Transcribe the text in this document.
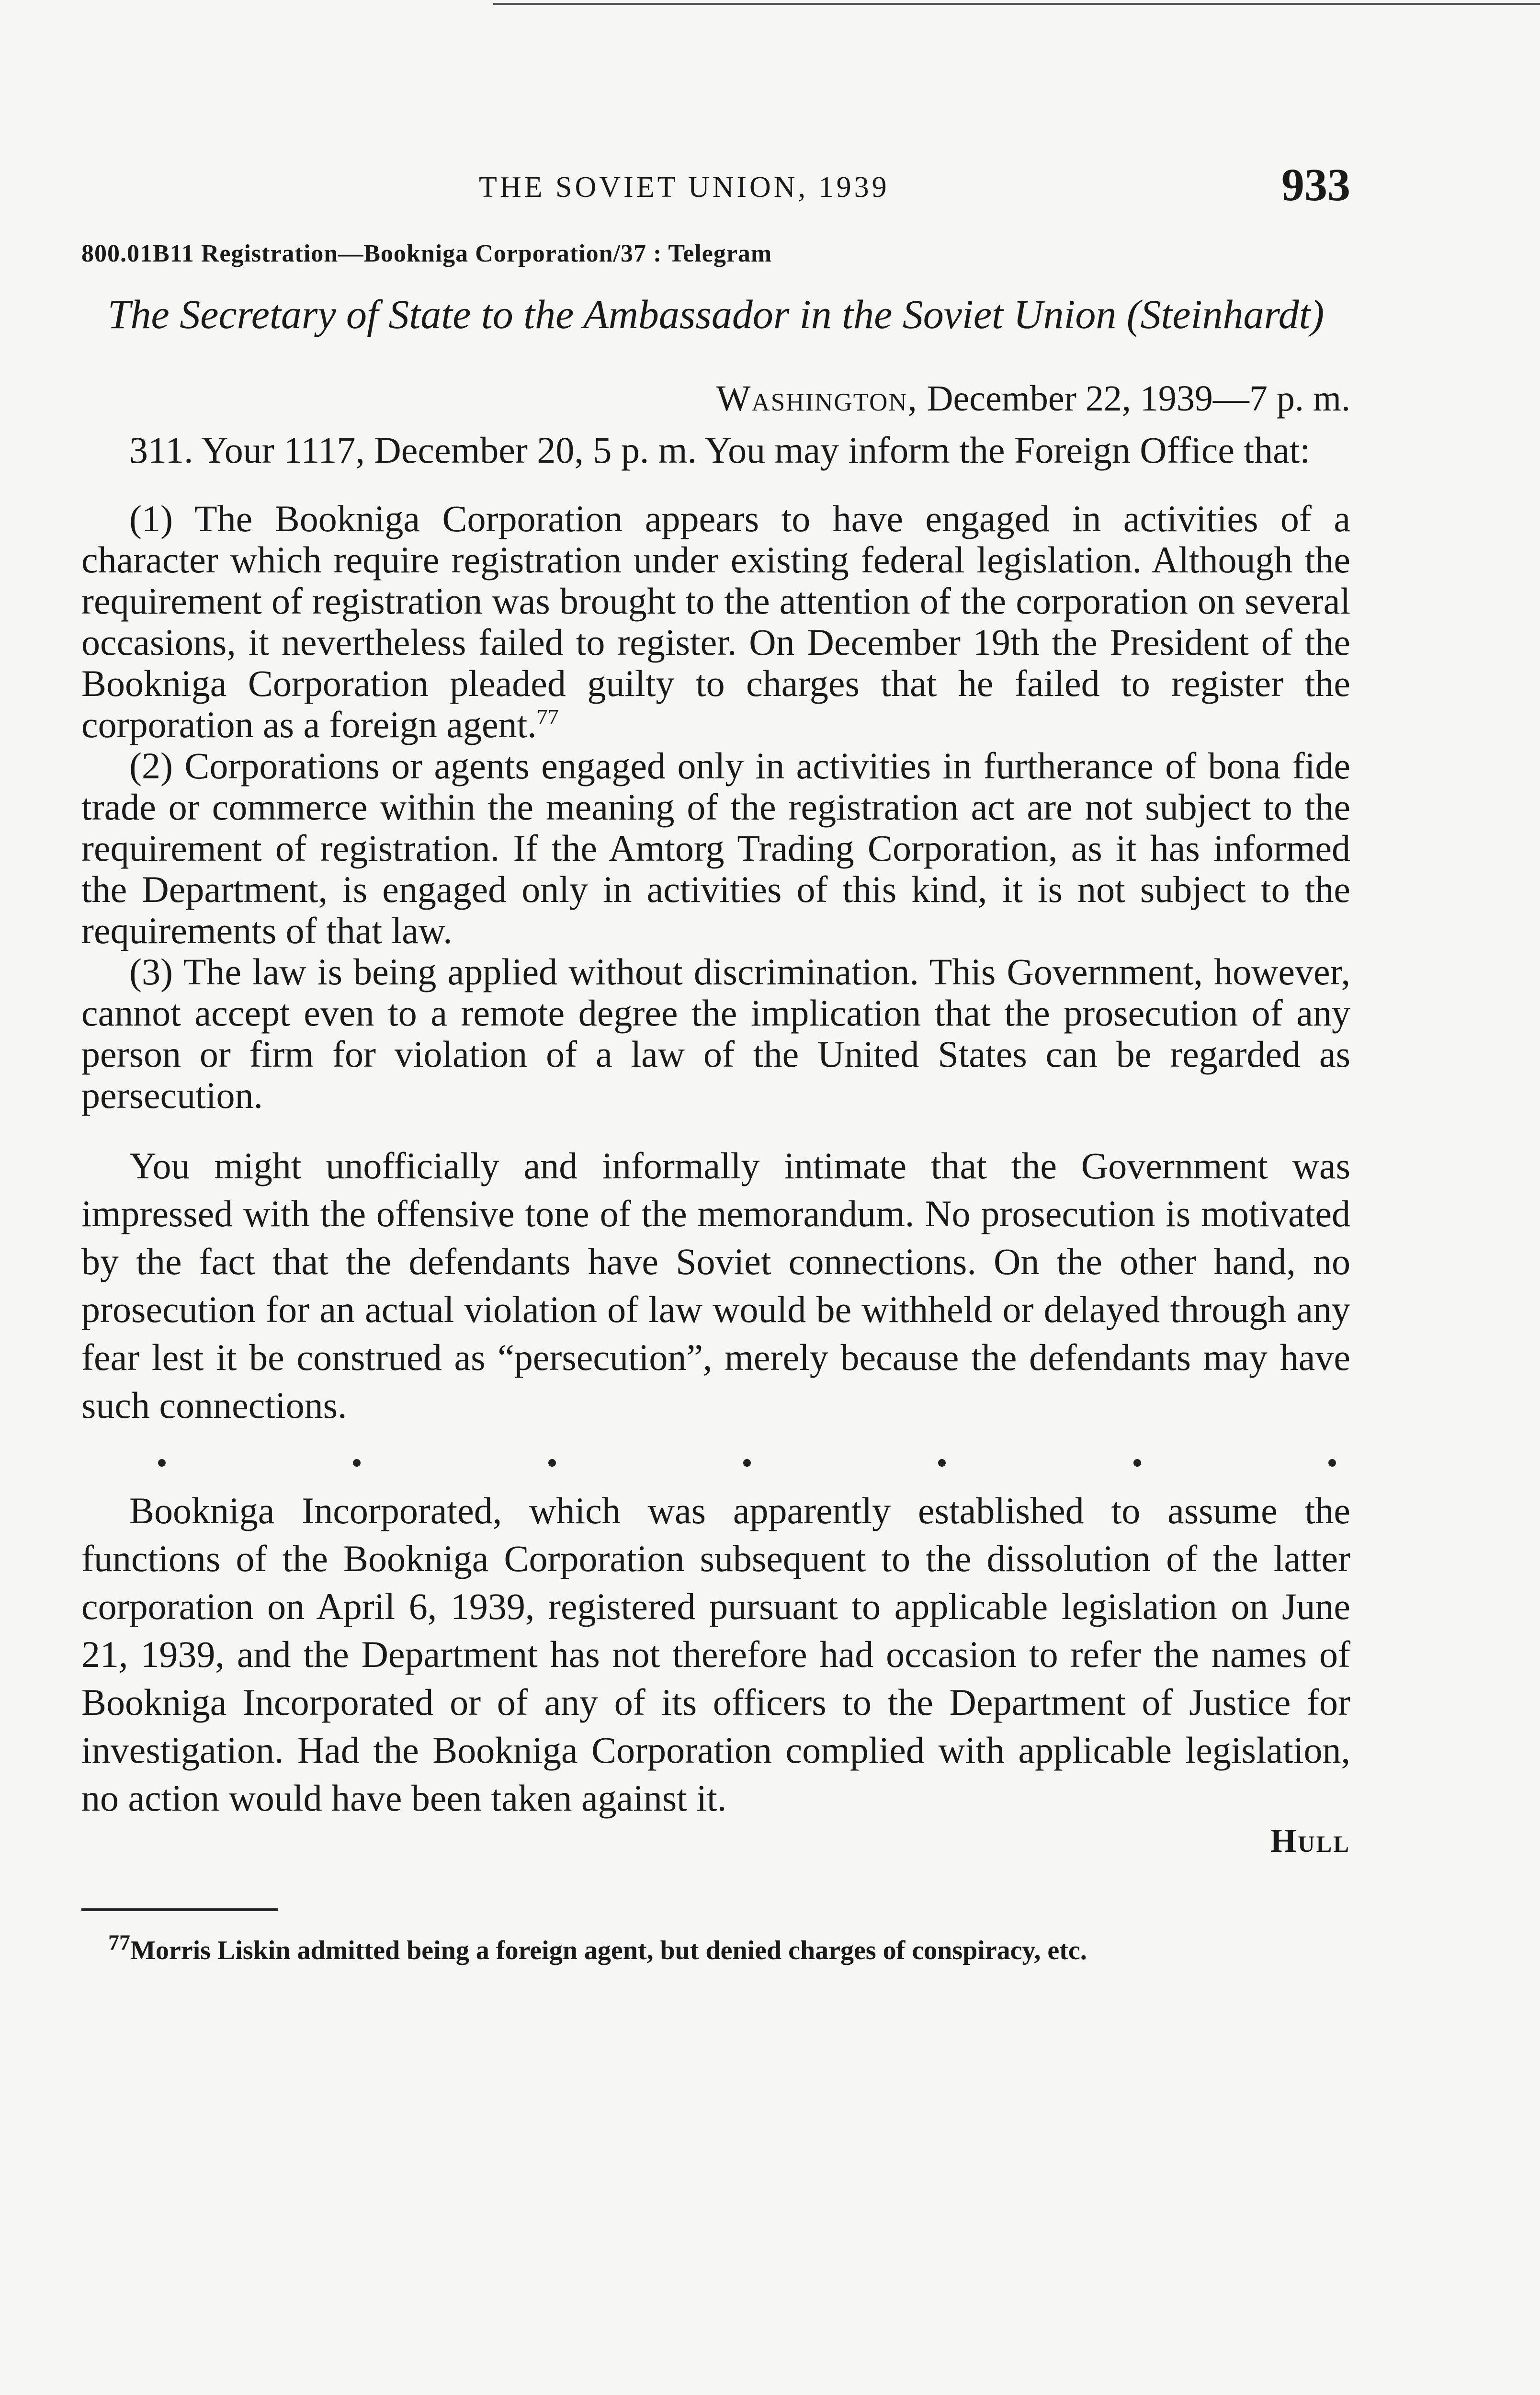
THE SOVIET UNION, 1939	933
800.01B11 Registration—Bookniga Corporation/37 : Telegram
The Secretary of State to the Ambassador in the Soviet Union (Steinhardt)
Washington, December 22, 1939—7 p. m.

311. Your 1117, December 20, 5 p. m. You may inform the Foreign Office that:

(1) The Bookniga Corporation appears to have engaged in activities of a character which require registration under existing federal legislation. Although the requirement of registration was brought to the attention of the corporation on several occasions, it nevertheless failed to register. On December 19th the President of the Bookniga Corporation pleaded guilty to charges that he failed to register the corporation as a foreign agent.$^{77}$

(2) Corporations or agents engaged only in activities in furtherance of bona fide trade or commerce within the meaning of the registration act are not subject to the requirement of registration. If the Amtorg Trading Corporation, as it has informed the Department, is engaged only in activities of this kind, it is not subject to the requirements of that law.

(3) The law is being applied without discrimination. This Government, however, cannot accept even to a remote degree the implication that the prosecution of any person or firm for violation of a law of the United States can be regarded as persecution.

You might unofficially and informally intimate that the Government was impressed with the offensive tone of the memorandum. No prosecution is motivated by the fact that the defendants have Soviet connections. On the other hand, no prosecution for an actual violation of law would be withheld or delayed through any fear lest it be construed as “persecution”, merely because the defendants may have such connections.

Bookniga Incorporated, which was apparently established to assume the functions of the Bookniga Corporation subsequent to the dissolution of the latter corporation on April 6, 1939, registered pursuant to applicable legislation on June 21, 1939, and the Department has not therefore had occasion to refer the names of Bookniga Incorporated or of any of its officers to the Department of Justice for investigation. Had the Bookniga Corporation complied with applicable legislation, no action would have been taken against it.

Hull
$^{77}$Morris Liskin admitted being a foreign agent, but denied charges of conspiracy, etc.
